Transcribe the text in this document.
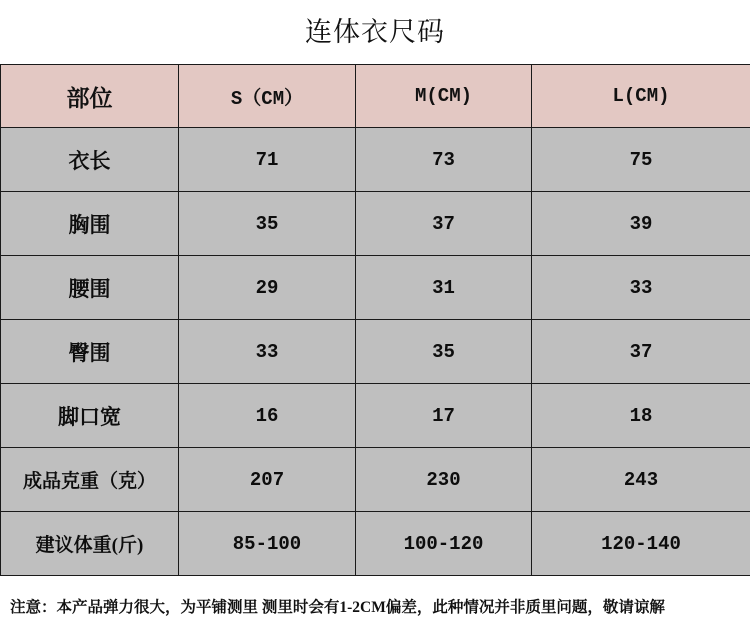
连体衣尺码
部位	S（CM）	M(CM)	L(CM)
衣长	71	73	75
胸围	35	37	39
腰围	29	31	33
臀围	33	35	37
脚口宽	16	17	18
成品克重（克）	207	230	243
建议体重(斤)	85-100	100-120	120-140
注意：本产品弹力很大，为平铺测里 测里时会有1-2CM偏差，此种情况并非质里问题，敬请谅解
